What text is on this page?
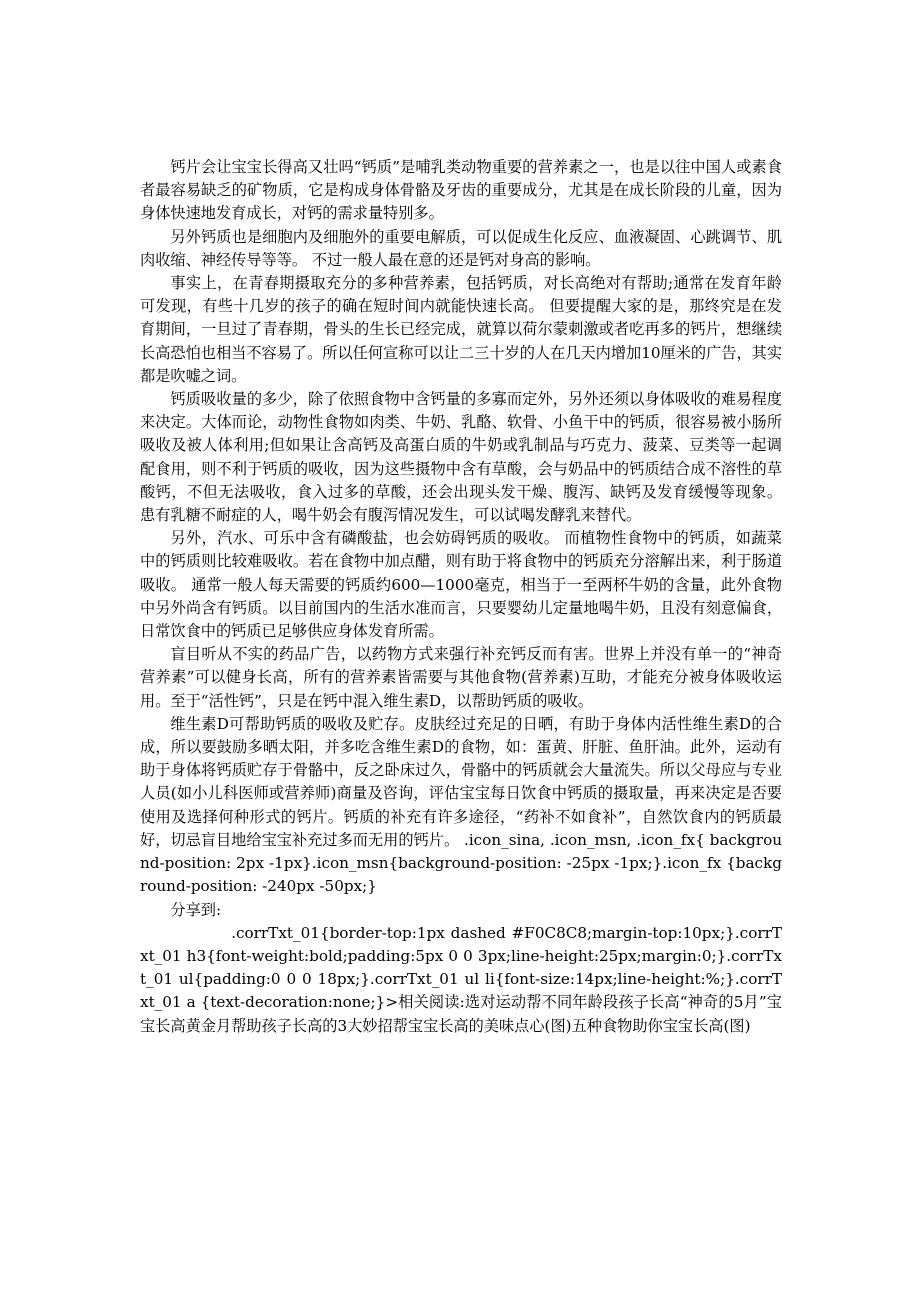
钙片会让宝宝长得高又壮吗“钙质”是哺乳类动物重要的营养素之一，也是以往中国人或素食者最容易缺乏的矿物质，它是构成身体骨骼及牙齿的重要成分，尤其是在成长阶段的儿童，因为身体快速地发育成长，对钙的需求量特别多。

另外钙质也是细胞内及细胞外的重要电解质，可以促成生化反应、血液凝固、心跳调节、肌肉收缩、神经传导等等。 不过一般人最在意的还是钙对身高的影响。

事实上，在青春期摄取充分的多种营养素，包括钙质，对长高绝对有帮助;通常在发育年龄可发现，有些十几岁的孩子的确在短时间内就能快速长高。 但要提醒大家的是，那终究是在发育期间，一旦过了青春期，骨头的生长已经完成，就算以荷尔蒙刺激或者吃再多的钙片，想继续长高恐怕也相当不容易了。所以任何宣称可以让二三十岁的人在几天内增加10厘米的广告，其实都是吹嘘之词。

钙质吸收量的多少，除了依照食物中含钙量的多寡而定外，另外还须以身体吸收的难易程度来决定。大体而论，动物性食物如肉类、牛奶、乳酪、软骨、小鱼干中的钙质，很容易被小肠所吸收及被人体利用;但如果让含高钙及高蛋白质的牛奶或乳制品与巧克力、菠菜、豆类等一起调配食用，则不利于钙质的吸收，因为这些摄物中含有草酸，会与奶品中的钙质结合成不溶性的草酸钙，不但无法吸收，食入过多的草酸，还会出现头发干燥、腹泻、缺钙及发育缓慢等现象。 患有乳糖不耐症的人，喝牛奶会有腹泻情况发生，可以试喝发酵乳来替代。

另外，汽水、可乐中含有磷酸盐，也会妨碍钙质的吸收。 而植物性食物中的钙质，如蔬菜中的钙质则比较难吸收。若在食物中加点醋，则有助于将食物中的钙质充分溶解出来，利于肠道吸收。 通常一般人每天需要的钙质约600—1000毫克，相当于一至两杯牛奶的含量，此外食物中另外尚含有钙质。以目前国内的生活水准而言，只要婴幼儿定量地喝牛奶，且没有刻意偏食，日常饮食中的钙质已足够供应身体发育所需。

盲目听从不实的药品广告，以药物方式来强行补充钙反而有害。世界上并没有单一的“神奇营养素”可以健身长高，所有的营养素皆需要与其他食物(营养素)互助，才能充分被身体吸收运用。至于“活性钙”，只是在钙中混入维生素D，以帮助钙质的吸收。

维生素D可帮助钙质的吸收及贮存。皮肤经过充足的日晒，有助于身体内活性维生素D的合成，所以要鼓励多晒太阳，并多吃含维生素D的食物，如：蛋黄、肝脏、鱼肝油。此外，运动有助于身体将钙质贮存于骨骼中，反之卧床过久，骨骼中的钙质就会大量流失。所以父母应与专业人员(如小儿科医师或营养师)商量及咨询，评估宝宝每日饮食中钙质的摄取量，再来决定是否要使用及选择何种形式的钙片。钙质的补充有许多途径，“药补不如食补”，自然饮食内的钙质最好，切忌盲目地给宝宝补充过多而无用的钙片。 .icon_sina, .icon_msn, .icon_fx{ background-position: 2px -1px}.icon_msn{background-position: -25px -1px;}.icon_fx {background-position: -240px -50px;}

分享到:

.corrTxt_01{border-top:1px dashed #F0C8C8;margin-top:10px;}.corrTxt_01 h3{font-weight:bold;padding:5px 0 0 3px;line-height:25px;margin:0;}.corrTxt_01 ul{padding:0 0 0 18px;}.corrTxt_01 ul li{font-size:14px;line-height:%;}.corrTxt_01 a {text-decoration:none;}>相关阅读:选对运动帮不同年龄段孩子长高“神奇的5月”宝宝长高黄金月帮助孩子长高的3大妙招帮宝宝长高的美味点心(图)五种食物助你宝宝长高(图)
